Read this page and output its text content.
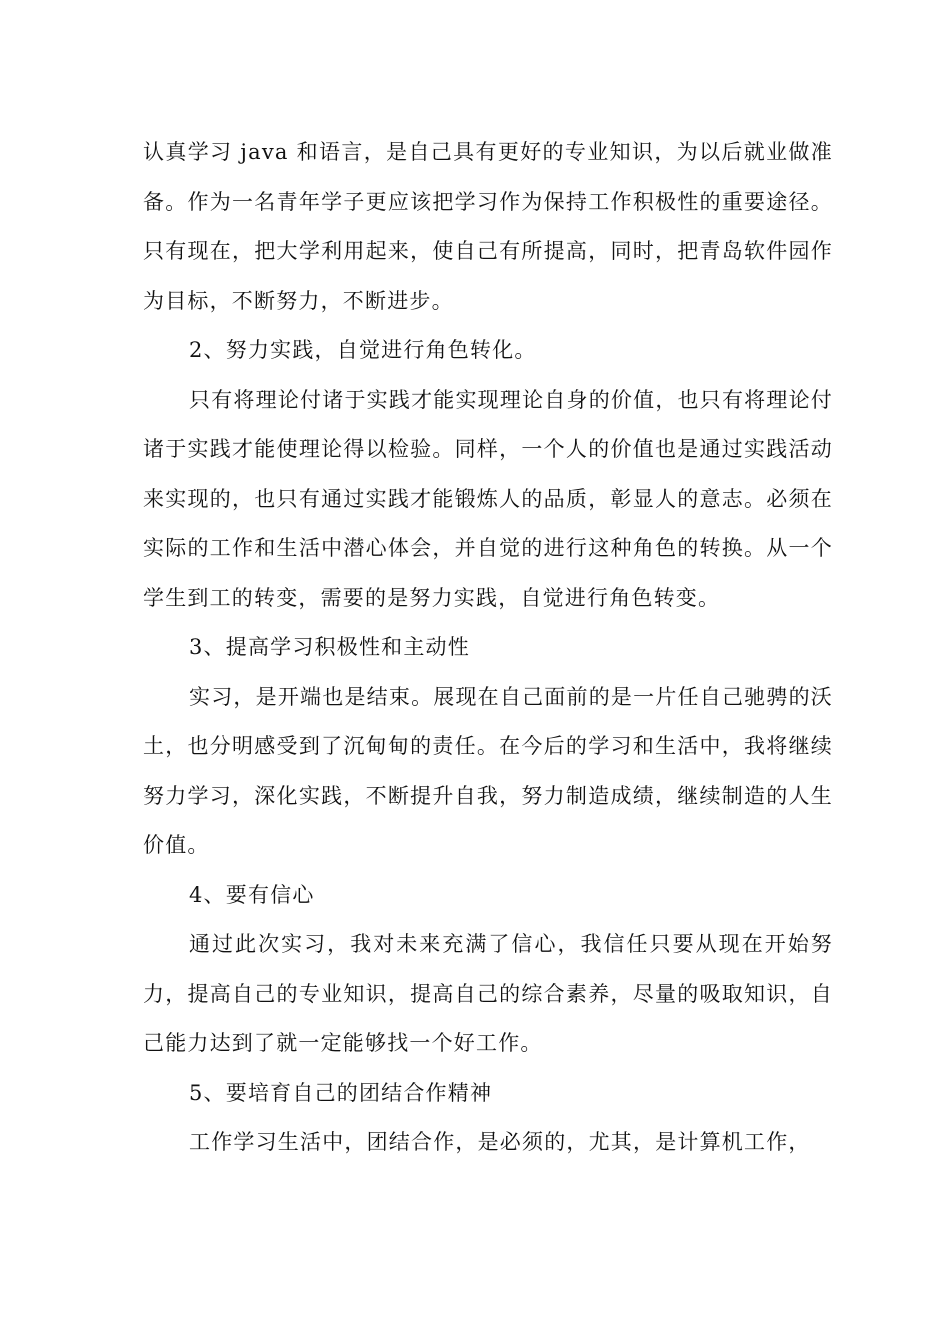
认真学习 java 和语言，是自己具有更好的专业知识，为以后就业做准备。作为一名青年学子更应该把学习作为保持工作积极性的重要途径。只有现在，把大学利用起来，使自己有所提高，同时，把青岛软件园作为目标，不断努力，不断进步。

2、努力实践，自觉进行角色转化。

只有将理论付诸于实践才能实现理论自身的价值，也只有将理论付诸于实践才能使理论得以检验。同样，一个人的价值也是通过实践活动来实现的，也只有通过实践才能锻炼人的品质，彰显人的意志。必须在实际的工作和生活中潜心体会，并自觉的进行这种角色的转换。从一个学生到工的转变，需要的是努力实践，自觉进行角色转变。

3、提高学习积极性和主动性

实习，是开端也是结束。展现在自己面前的是一片任自己驰骋的沃土，也分明感受到了沉甸甸的责任。在今后的学习和生活中，我将继续努力学习，深化实践，不断提升自我，努力制造成绩，继续制造的人生价值。

4、要有信心

通过此次实习，我对未来充满了信心，我信任只要从现在开始努力，提高自己的专业知识，提高自己的综合素养，尽量的吸取知识，自己能力达到了就一定能够找一个好工作。

5、要培育自己的团结合作精神

工作学习生活中，团结合作，是必须的，尤其，是计算机工作，
